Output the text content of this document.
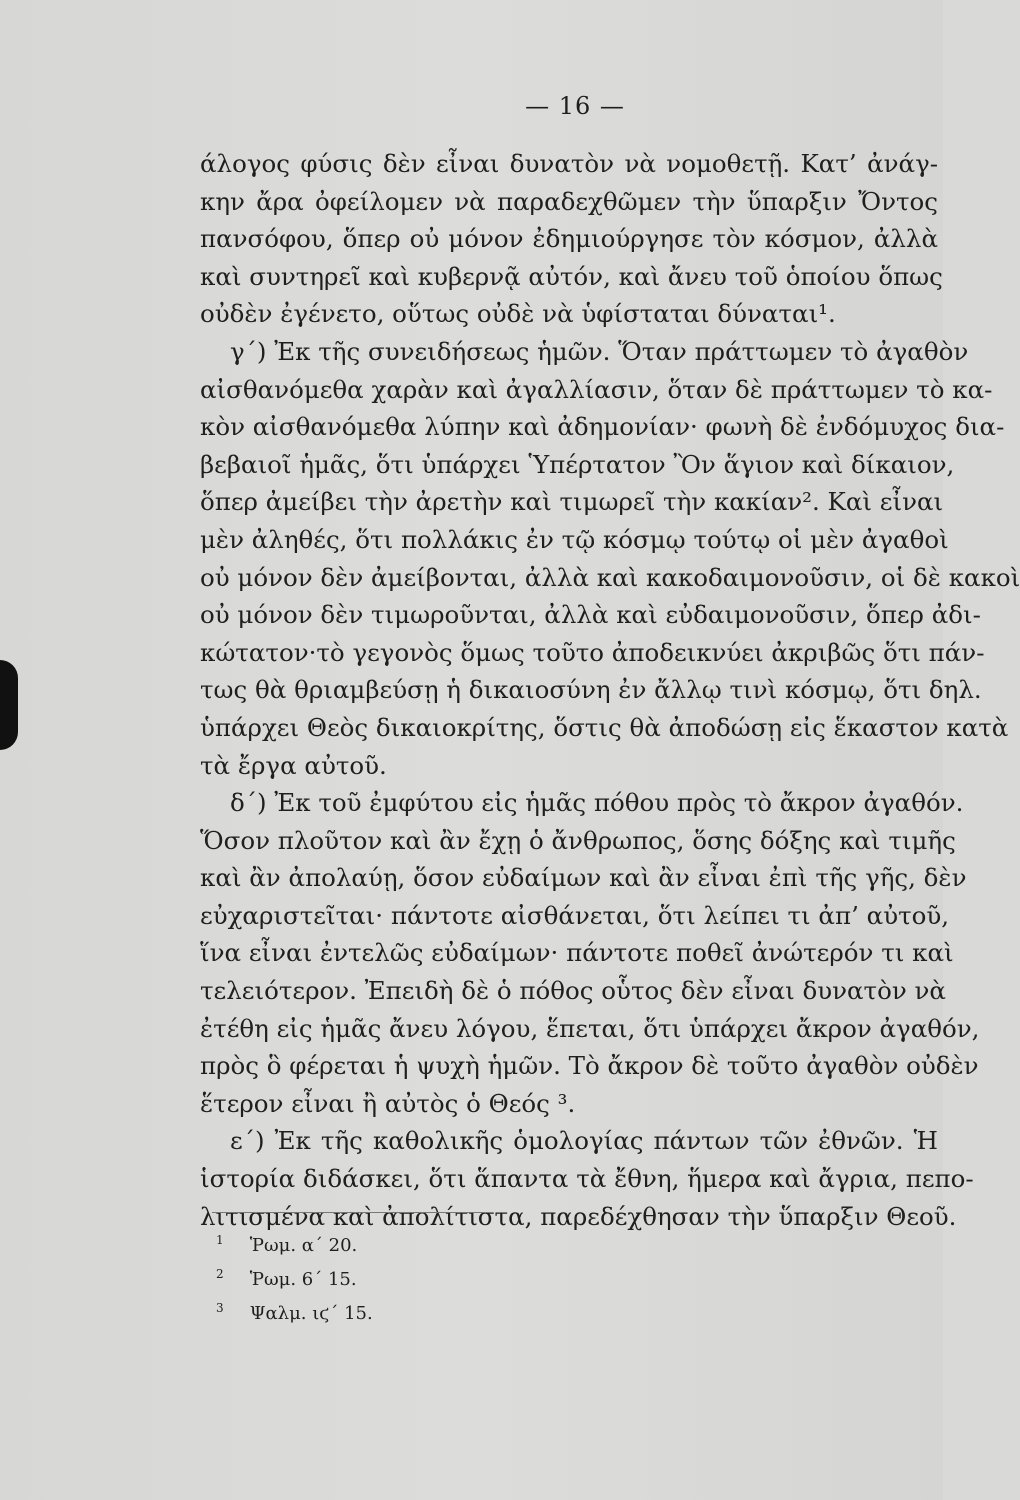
— 16 —
άλογος φύσις δὲν εἶναι δυνατὸν νὰ νομοθετῇ. Κατ’ ἀνάγ-
κην ἄρα ὀφείλομεν νὰ παραδεχθῶμεν τὴν ὕπαρξιν Ὄντος
πανσόφου, ὅπερ οὐ μόνον ἐδημιούργησε τὸν κόσμον, ἀλλὰ
καὶ συντηρεῖ καὶ κυβερνᾷ αὐτόν, καὶ ἄνευ τοῦ ὁποίου ὅπως
οὐδὲν ἐγένετο, οὕτως οὐδὲ νὰ ὑφίσταται δύναται¹.
γ΄) Ἐκ τῆς συνειδήσεως ἡμῶν. Ὅταν πράττωμεν τὸ ἀγαθὸν
αἰσθανόμεθα χαρὰν καὶ ἀγαλλίασιν, ὅταν δὲ πράττωμεν τὸ κα-
κὸν αἰσθανόμεθα λύπην καὶ ἀδημονίαν· φωνὴ δὲ ἐνδόμυχος δια-
βεβαιοῖ ἡμᾶς, ὅτι ὑπάρχει Ὑπέρτατον Ὂν ἅγιον καὶ δίκαιον,
ὅπερ ἀμείβει τὴν ἀρετὴν καὶ τιμωρεῖ τὴν κακίαν². Καὶ εἶναι
μὲν ἀληθές, ὅτι πολλάκις ἐν τῷ κόσμῳ τούτῳ οἱ μὲν ἀγαθοὶ
οὐ μόνον δὲν ἀμείβονται, ἀλλὰ καὶ κακοδαιμονοῦσιν, οἱ δὲ κακοὶ
οὐ μόνον δὲν τιμωροῦνται, ἀλλὰ καὶ εὐδαιμονοῦσιν, ὅπερ ἀδι-
κώτατον·τὸ γεγονὸς ὅμως τοῦτο ἀποδεικνύει ἀκριβῶς ὅτι πάν-
τως θὰ θριαμβεύσῃ ἡ δικαιοσύνη ἐν ἄλλῳ τινὶ κόσμῳ, ὅτι δηλ.
ὑπάρχει Θεὸς δικαιοκρίτης, ὅστις θὰ ἀποδώσῃ εἰς ἕκαστον κατὰ
τὰ ἔργα αὐτοῦ.
δ΄) Ἐκ τοῦ ἐμφύτου εἰς ἡμᾶς πόθου πρὸς τὸ ἄκρον ἀγαθόν.
Ὅσον πλοῦτον καὶ ἂν ἔχῃ ὁ ἄνθρωπος, ὅσης δόξης καὶ τιμῆς
καὶ ἂν ἀπολαύῃ, ὅσον εὐδαίμων καὶ ἂν εἶναι ἐπὶ τῆς γῆς, δὲν
εὐχαριστεῖται· πάντοτε αἰσθάνεται, ὅτι λείπει τι ἀπ’ αὐτοῦ,
ἵνα εἶναι ἐντελῶς εὐδαίμων· πάντοτε ποθεῖ ἀνώτερόν τι καὶ
τελειότερον. Ἐπειδὴ δὲ ὁ πόθος οὗτος δὲν εἶναι δυνατὸν νὰ
ἐτέθη εἰς ἡμᾶς ἄνευ λόγου, ἕπεται, ὅτι ὑπάρχει ἄκρον ἀγαθόν,
πρὸς ὃ φέρεται ἡ ψυχὴ ἡμῶν. Τὸ ἄκρον δὲ τοῦτο ἀγαθὸν οὐδὲν
ἕτερον εἶναι ἢ αὐτὸς ὁ Θεός ³.
ε΄) Ἐκ τῆς καθολικῆς ὁμολογίας πάντων τῶν ἐθνῶν. Ἡ
ἱστορία διδάσκει, ὅτι ἅπαντα τὰ ἔθνη, ἥμερα καὶ ἄγρια, πεπο-
λιτισμένα καὶ ἀπολίτιστα, παρεδέχθησαν τὴν ὕπαρξιν Θεοῦ.
1 Ῥωμ. α΄ 20.
2 Ῥωμ. 6΄ 15.
3 Ψαλμ. ιϛ΄ 15.
